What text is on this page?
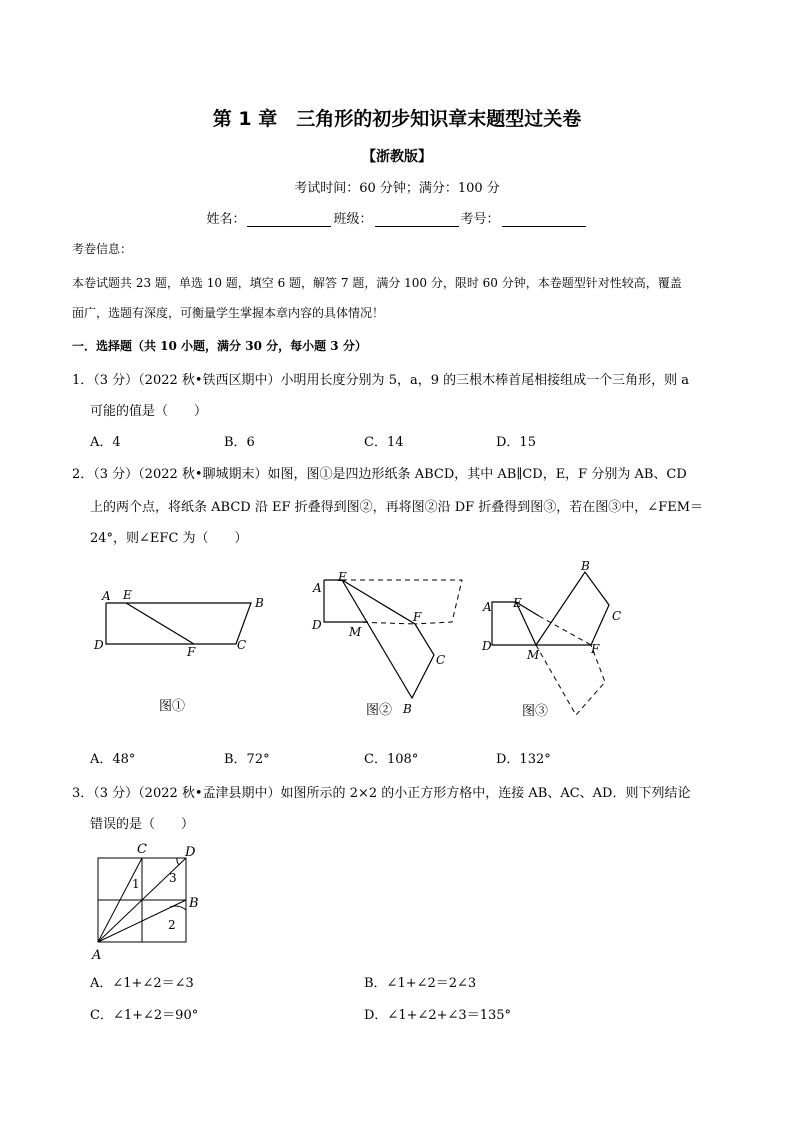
第 1 章　三角形的初步知识章末题型过关卷
【浙教版】
考试时间：60 分钟；满分：100 分
姓名：	班级：	考号：
考卷信息：
本卷试题共 23 题，单选 10 题，填空 6 题，解答 7 题，满分 100 分，限时 60 分钟，本卷题型针对性较高，覆盖
面广，选题有深度，可衡量学生掌握本章内容的具体情况！
一．选择题（共 10 小题，满分 30 分，每小题 3 分）
1．（3 分）（2022 秋•铁西区期中）小明用长度分别为 5，a，9 的三根木棒首尾相接组成一个三角形，则 a
可能的值是（　　）
A．4	B．6	C．14	D．15
2．（3 分）（2022 秋•聊城期末）如图，图①是四边形纸条 ABCD，其中 AB∥CD，E，F 分别为 AB、CD
上的两个点，将纸条 ABCD 沿 EF 折叠得到图②，再将图②沿 DF 折叠得到图③，若在图③中，∠FEM＝
24°，则∠EFC 为（　　）
A E
B
D	F	C
图①
A
E
D M
F
C
B
图②
A E
B
C
D
M	F
图③
A．48°	B．72°	C．108°	D．132°
3．（3 分）（2022 秋•孟津县期中）如图所示的 2×2 的小正方形方格中，连接 AB、AC、AD．则下列结论
错误的是（　　）
C	D
B
A
1 3
2
A．∠1+∠2＝∠3	B．∠1+∠2＝2∠3
C．∠1+∠2＝90°	D．∠1+∠2+∠3＝135°
